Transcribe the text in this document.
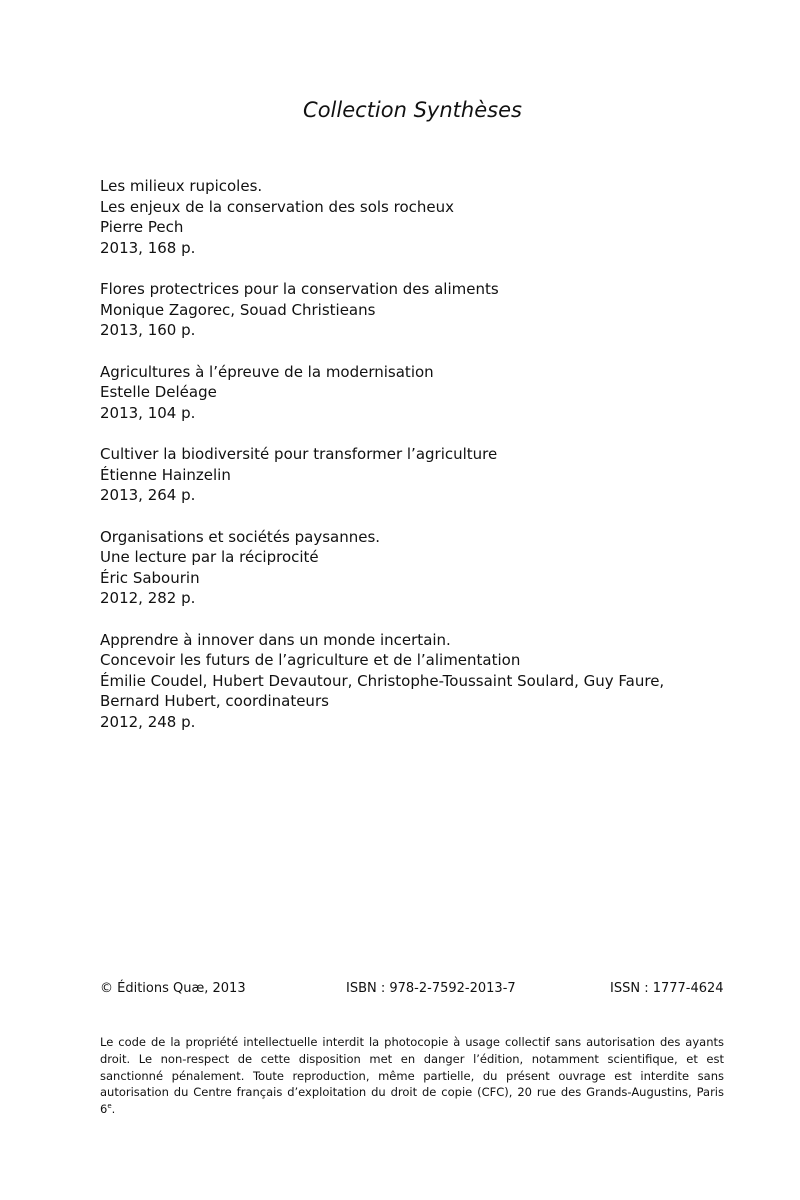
Collection Synthèses
Les milieux rupicoles.
Les enjeux de la conservation des sols rocheux
Pierre Pech
2013, 168 p.
Flores protectrices pour la conservation des aliments
Monique Zagorec, Souad Christieans
2013, 160 p.
Agricultures à l’épreuve de la modernisation
Estelle Deléage
2013, 104 p.
Cultiver la biodiversité pour transformer l’agriculture
Étienne Hainzelin
2013, 264 p.
Organisations et sociétés paysannes.
Une lecture par la réciprocité
Éric Sabourin
2012, 282 p.
Apprendre à innover dans un monde incertain.
Concevoir les futurs de l’agriculture et de l’alimentation
Émilie Coudel, Hubert Devautour, Christophe-Toussaint Soulard, Guy Faure,
Bernard Hubert, coordinateurs
2012, 248 p.
© Éditions Quæ, 2013	ISBN : 978-2-7592-2013-7	ISSN : 1777-4624

Le code de la propriété intellectuelle interdit la photocopie à usage collectif sans autorisation des ayants droit. Le non-respect de cette disposition met en danger l’édition, notamment scientifique, et est sanctionné pénalement. Toute reproduction, même partielle, du présent ouvrage est interdite sans autorisation du Centre français d’exploitation du droit de copie (CFC), 20 rue des Grands-Augustins, Paris 6e.
